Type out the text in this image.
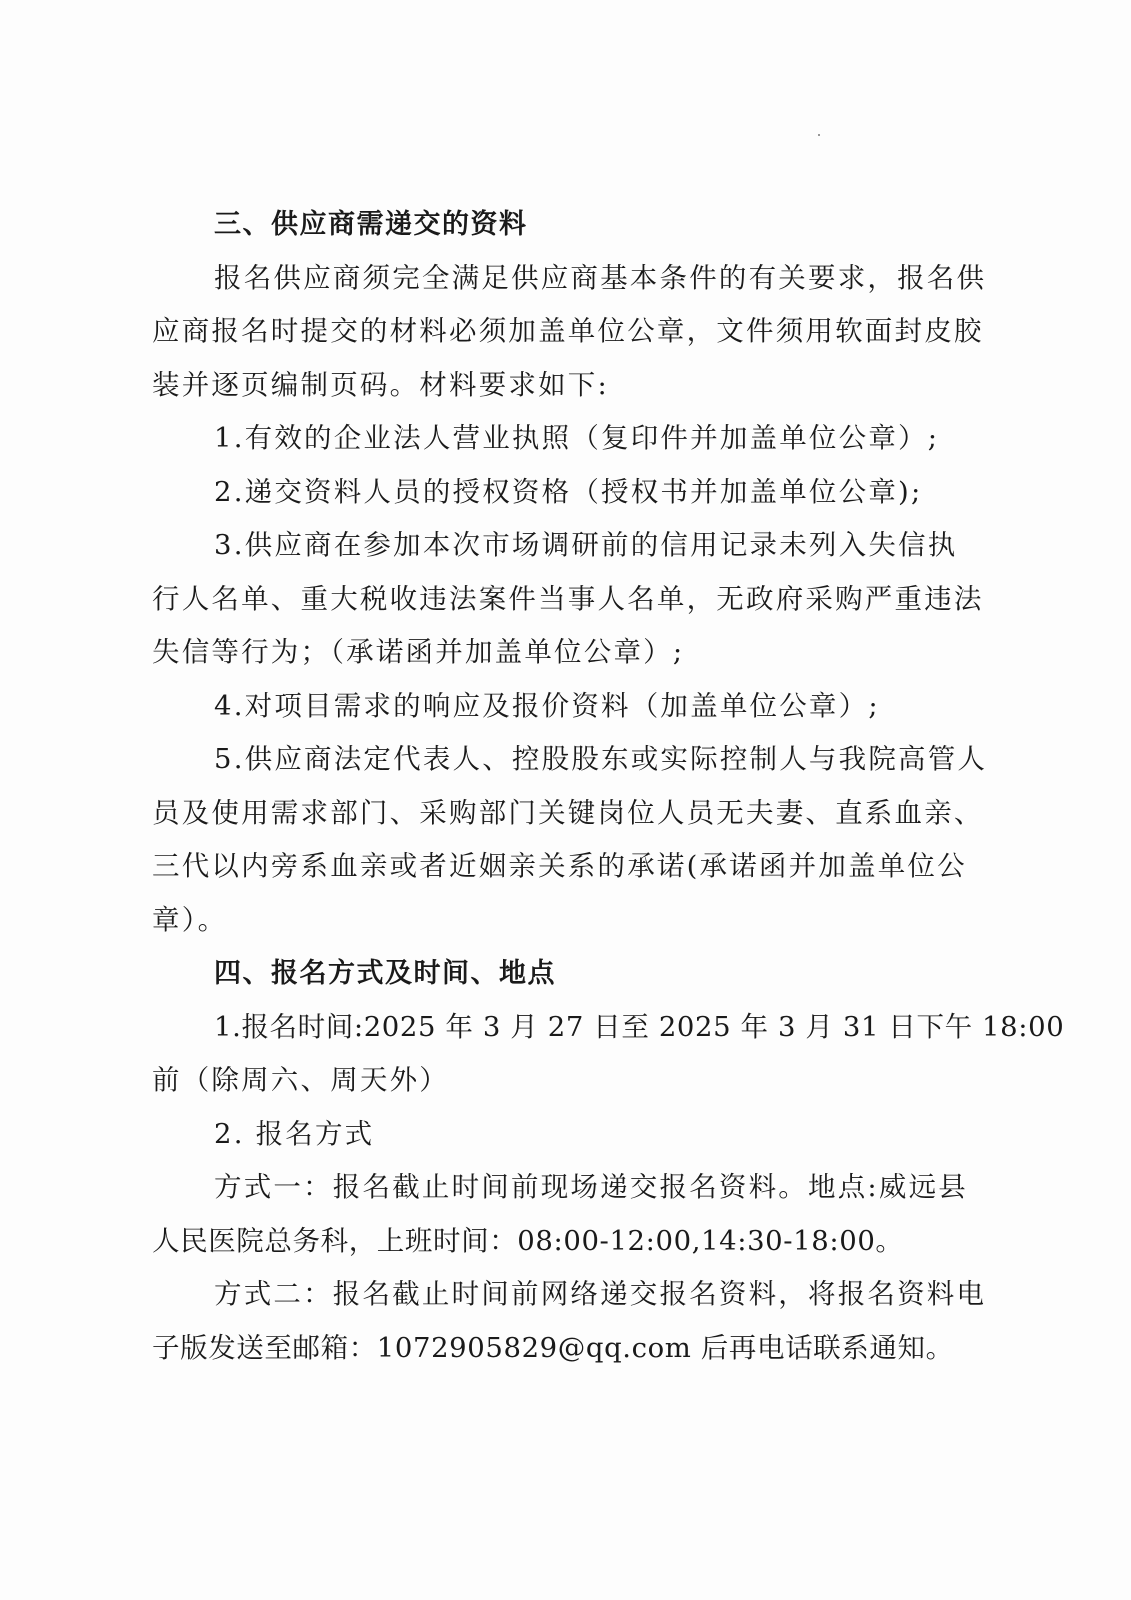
三、供应商需递交的资料
报名供应商须完全满足供应商基本条件的有关要求，报名供
应商报名时提交的材料必须加盖单位公章，文件须用软面封皮胶
装并逐页编制页码。材料要求如下:
1.有效的企业法人营业执照（复印件并加盖单位公章）;
2.递交资料人员的授权资格（授权书并加盖单位公章);
3.供应商在参加本次市场调研前的信用记录未列入失信执
行人名单、重大税收违法案件当事人名单，无政府采购严重违法
失信等行为；（承诺函并加盖单位公章）;
4.对项目需求的响应及报价资料（加盖单位公章）;
5.供应商法定代表人、控股股东或实际控制人与我院高管人
员及使用需求部门、采购部门关键岗位人员无夫妻、直系血亲、
三代以内旁系血亲或者近姻亲关系的承诺(承诺函并加盖单位公
章）。
四、报名方式及时间、地点
1.报名时间:2025 年 3 月 27 日至 2025 年 3 月 31 日下午 18:00
前（除周六、周天外）
2. 报名方式
方式一：报名截止时间前现场递交报名资料。地点:威远县
人民医院总务科，上班时间：08:00-12:00,14:30-18:00。
方式二：报名截止时间前网络递交报名资料，将报名资料电
子版发送至邮箱：1072905829@qq.com 后再电话联系通知。
